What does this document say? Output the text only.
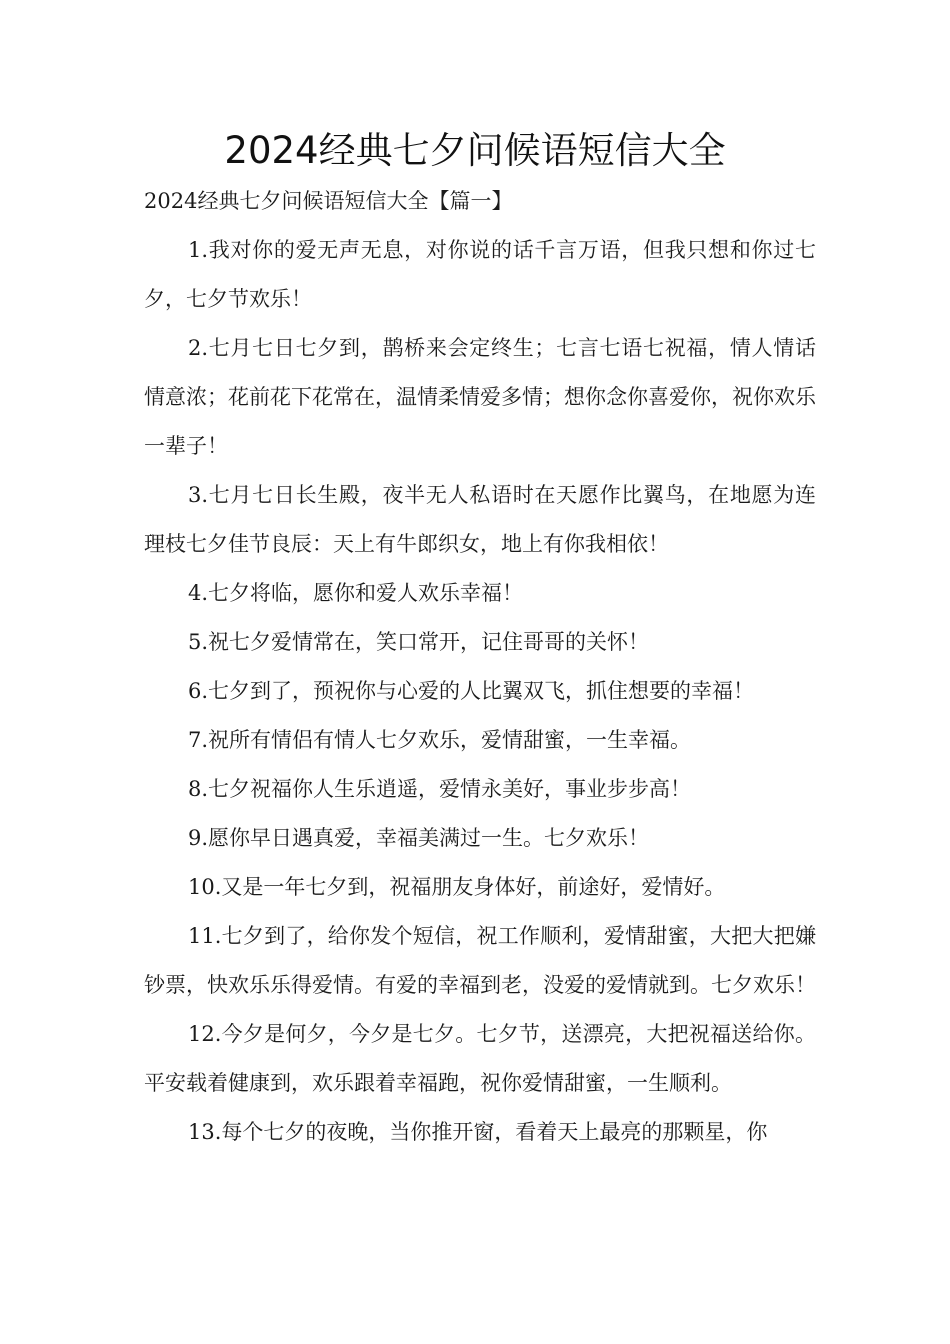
2024经典七夕问候语短信大全

2024经典七夕问候语短信大全【篇一】

1.我对你的爱无声无息，对你说的话千言万语，但我只想和你过七夕，七夕节欢乐！

2.七月七日七夕到，鹊桥来会定终生；七言七语七祝福，情人情话情意浓；花前花下花常在，温情柔情爱多情；想你念你喜爱你，祝你欢乐一辈子！

3.七月七日长生殿，夜半无人私语时在天愿作比翼鸟，在地愿为连理枝七夕佳节良辰：天上有牛郎织女，地上有你我相依！

4.七夕将临，愿你和爱人欢乐幸福！

5.祝七夕爱情常在，笑口常开，记住哥哥的关怀！

6.七夕到了，预祝你与心爱的人比翼双飞，抓住想要的幸福！

7.祝所有情侣有情人七夕欢乐，爱情甜蜜，一生幸福。

8.七夕祝福你人生乐逍遥，爱情永美好，事业步步高！

9.愿你早日遇真爱，幸福美满过一生。七夕欢乐！

10.又是一年七夕到，祝福朋友身体好，前途好，爱情好。

11.七夕到了，给你发个短信，祝工作顺利，爱情甜蜜，大把大把嫌钞票，快欢乐乐得爱情。有爱的幸福到老，没爱的爱情就到。七夕欢乐！

12.今夕是何夕，今夕是七夕。七夕节，送漂亮，大把祝福送给你。平安载着健康到，欢乐跟着幸福跑，祝你爱情甜蜜，一生顺利。

13.每个七夕的夜晚，当你推开窗，看着天上最亮的那颗星，你
